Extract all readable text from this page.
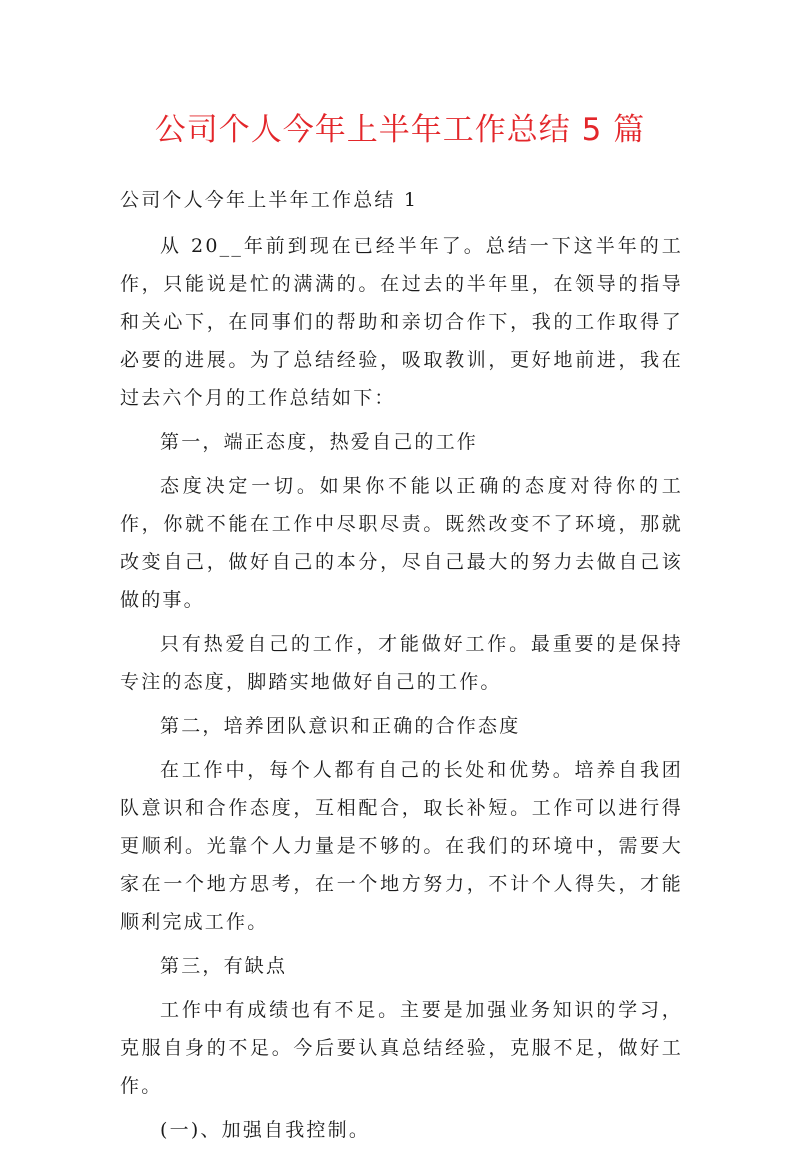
公司个人今年上半年工作总结 5 篇

公司个人今年上半年工作总结 1

从 20__年前到现在已经半年了。总结一下这半年的工作，只能说是忙的满满的。在过去的半年里，在领导的指导和关心下，在同事们的帮助和亲切合作下，我的工作取得了必要的进展。为了总结经验，吸取教训，更好地前进，我在过去六个月的工作总结如下：

第一，端正态度，热爱自己的工作

态度决定一切。如果你不能以正确的态度对待你的工作，你就不能在工作中尽职尽责。既然改变不了环境，那就改变自己，做好自己的本分，尽自己最大的努力去做自己该做的事。

只有热爱自己的工作，才能做好工作。最重要的是保持专注的态度，脚踏实地做好自己的工作。

第二，培养团队意识和正确的合作态度

在工作中，每个人都有自己的长处和优势。培养自我团队意识和合作态度，互相配合，取长补短。工作可以进行得更顺利。光靠个人力量是不够的。在我们的环境中，需要大家在一个地方思考，在一个地方努力，不计个人得失，才能顺利完成工作。

第三，有缺点

工作中有成绩也有不足。主要是加强业务知识的学习，克服自身的不足。今后要认真总结经验，克服不足，做好工作。

(一)、加强自我控制。
